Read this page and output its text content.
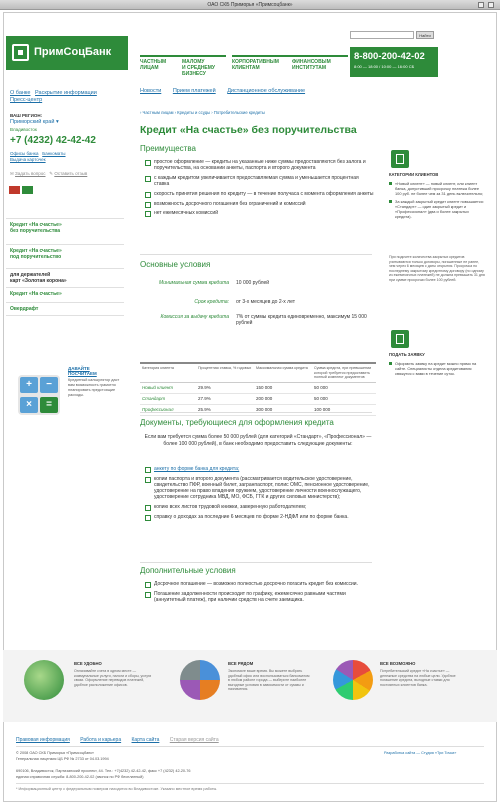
ОАО СКБ Приморья «Примсоцбанк»
ПримСоцБанк
ЧАСТНЫМ
ЛИЦАМ
МАЛОМУ
И СРЕДНЕМУ
БИЗНЕСУ
КОРПОРАТИВНЫМ
КЛИЕНТАМ
ФИНАНСОВЫМ
ИНСТИТУТАМ
Найти
8-800-200-42-02
8:00 — 18:00 / 10:00 — 16:00 СБ
О банке Раскрытие информации
Пресс-центр
ВАШ РЕГИОН:
Приморский край ▾
Владивосток
+7 (4232) 42-42-42
Офисы банка Банкоматы
Выдача карточек
✉ Задать вопрос ✎ Оставить отзыв
Кредит «На счастье»
без поручительства
Кредит «На счастье»
под поручительство
для держателей
карт «Золотая корона»
Кредит «На счастье»
Овердрафт
+	−
×	=
ДАВАЙТЕ
ПОСЧИТАЕМ
Кредитный калькулятор даст вам возможность грамотно планировать предстоящие расходы.
Новости Прием платежей Дистанционное обслуживание
› Частным лицам › Кредиты и ссуды › Потребительские кредиты
Кредит «На счастье» без поручительства
Преимущества
простое оформление — кредиты на указанные ниже суммы предоставляются без залога и поручительства, на основании анкеты, паспорта и второго документа
с каждым кредитом увеличивается предоставляемая сумма и уменьшается процентная ставка
скорость принятия решения по кредиту — в течение получаса с момента оформления анкеты
возможность досрочного погашения без ограничений и комиссий
нет ежемесячных комиссий
Основные условия
Минимальная сумма кредита 10 000 рублей
Срок кредита: от 3-х месяцев до 2-х лет
Комиссия за выдачу кредита 7% от суммы кредита единовременно, максимум 15 000 рублей
Категория клиента	Процентная ставка, % годовых	Максимальная сумма кредита	Сумма кредита, при превышении которой требуется предоставить полный комплект документов
Новый клиент	29.9%	150 000	50 000
Стандарт	27.9%	200 000	50 000
Профессионал	25.9%	300 000	100 000
Документы, требующиеся для оформления кредита
Если вам требуется сумма более 50 000 рублей (для категорий «Стандарт», «Профессионал» — более 100 000 рублей), в банк необходимо предоставить следующие документы:
анкету по форме банка для кредита;
копии паспорта и второго документа (рассматривается водительское удостоверение, свидетельство ПФР, военный билет, загранпаспорт, полис ОМС, пенсионное удостоверение, удостоверение на право владения оружием, удостоверение личности военнослужащего, удостоверение сотрудника МВД, МО, ФСБ, ГТК и других силовых министерств);
копию всех листов трудовой книжки, заверенную работодателем;
справку о доходах за последние 6 месяцев по форме 2-НДФЛ или по форме банка.
Дополнительные условия
Досрочное погашение — возможно полностью досрочно погасить кредит без комиссии.
Погашение задолженности происходит по графику, ежемесячно равными частями (аннуитетный платеж), при наличии средств на счете заемщика.
КАТЕГОРИИ КЛИЕНТОВ
«Новый клиент» — новый клиент, или клиент банка, допустивший просрочку платежа более 100 руб. не более чем за 31 день включительно;
За каждый закрытый кредит клиент повышается: «Стандарт» — один закрытый кредит и «Профессионал» (два и более закрытых кредита).
При подсчете количества закрытых кредитов учитываются только договоры, погашенные не ранее, чем через 6 месяцев с даты открытия. Просрочка по последнему закрытому кредитному договору (по одному из ежемесячных платежей) не должна превышать 31 дня при сумме просрочки более 100 рублей.
ПОДАТЬ ЗАЯВКУ
Оформить заявку на кредит можно прямо на сайте. Специалисты отдела кредитования свяжутся с вами в течение суток.
ВСЕ УДОБНО
Оплачивайте счета в одном месте — коммунальные услуги, налоги и сборы, услуги связи. Оформление переводов платежей, удобное расположение офисов.
ВСЕ РЯДОМ
Экономьте ваше время. Вы можете выбрать удобный офис или воспользоваться банкоматом в любом районе города — выберите наиболее выгодные условия в зависимости от суммы и назначения.
ВСЕ ВОЗМОЖНО
Потребительский кредит «На счастье» — денежные средства на любые цели. Удобное погашение кредита, выгодные ставки для постоянных клиентов банка.
Правовая информация Работа и карьера Карта сайта Старая версия сайта
© 2008 ОАО СКБ Приморья «Примсоцбанк»
Генеральная лицензия ЦБ РФ № 2733 от 04.03.1994
Разработка сайта — Студия «Три Точки»
690106, Владивосток, Партизанский проспект, 44. Тел.: +7(4232) 42-42-42, факс +7 (4232) 42-20-76
единая справочная служба: 8-800-200-42-02 (звонок по РФ бесплатный)
* Информационный центр с федеральным номером находится во Владивостоке. Указано местное время работы.
